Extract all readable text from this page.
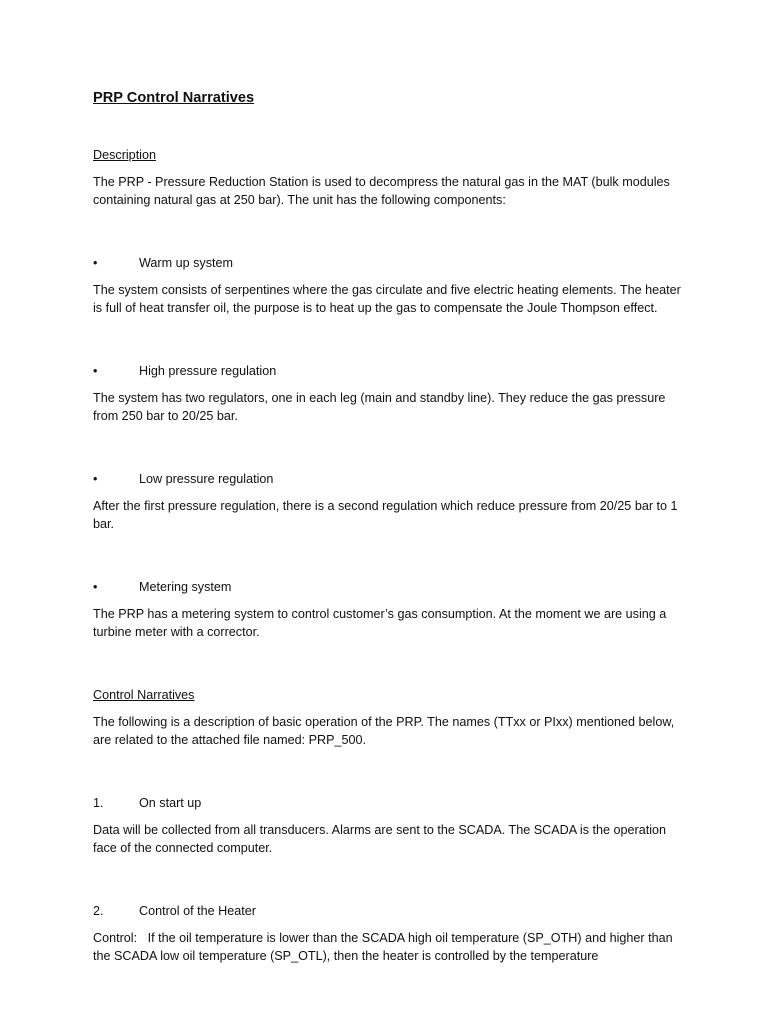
PRP Control Narratives
Description

The PRP - Pressure Reduction Station is used to decompress the natural gas in the MAT (bulk modules containing natural gas at 250 bar). The unit has the following components:

•	Warm up system

The system consists of serpentines where the gas circulate and five electric heating elements. The heater is full of heat transfer oil, the purpose is to heat up the gas to compensate the Joule Thompson effect.

•	High pressure regulation

The system has two regulators, one in each leg (main and standby line). They reduce the gas pressure from 250 bar to 20/25 bar.

•	Low pressure regulation

After the first pressure regulation, there is a second regulation which reduce pressure from 20/25 bar to 1 bar.

•	Metering system

The PRP has a metering system to control customer’s gas consumption. At the moment we are using a turbine meter with a corrector.

Control Narratives

The following is a description of basic operation of the PRP. The names (TTxx or PIxx) mentioned below, are related to the attached file named: PRP_500.

1.	On start up

Data will be collected from all transducers. Alarms are sent to the SCADA. The SCADA is the operation face of the connected computer.

2.	Control of the Heater

Control:   If the oil temperature is lower than the SCADA high oil temperature (SP_OTH) and higher than the SCADA low oil temperature (SP_OTL), then the heater is controlled by the temperature
